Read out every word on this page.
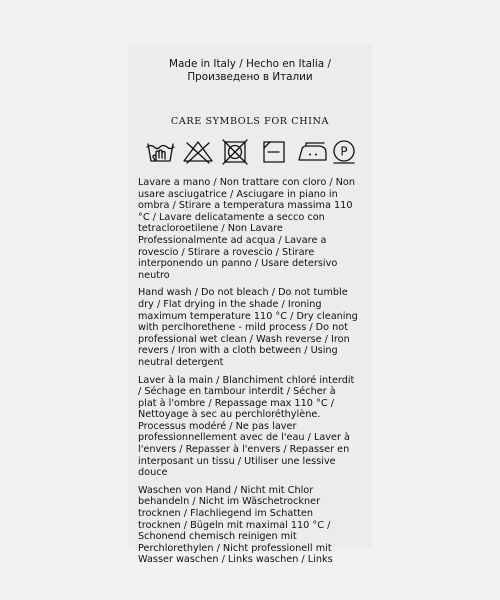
Made in Italy / Hecho en Italia /
Произведено в Италии
CARE SYMBOLS FOR CHINA
P

Lavare a mano / Non trattare con cloro / Non
usare asciugatrice / Asciugare in piano in
ombra / Stirare a temperatura massima 110
°C / Lavare delicatamente a secco con
tetracloroetilene / Non Lavare
Professionalmente ad acqua / Lavare a
rovescio / Stirare a rovescio / Stirare
interponendo un panno / Usare detersivo
neutro

Hand wash / Do not bleach / Do not tumble
dry / Flat drying in the shade / Ironing
maximum temperature 110 °C / Dry cleaning
with perclhorethene - mild process / Do not
professional wet clean / Wash reverse / Iron
revers / Iron with a cloth between / Using
neutral detergent

Laver à la main / Blanchiment chloré interdit
/ Séchage en tambour interdit / Sécher à
plat à l'ombre / Repassage max 110 °C /
Nettoyage à sec au perchloréthylène.
Processus modéré / Ne pas laver
professionnellement avec de l'eau / Laver à
l'envers / Repasser à l'envers / Repasser en
interposant un tissu / Utiliser une lessive
douce

Waschen von Hand / Nicht mit Chlor
behandeln / Nicht im Wäschetrockner
trocknen / Flachliegend im Schatten
trocknen / Bügeln mit maximal 110 °C /
Schonend chemisch reinigen mit
Perchlorethylen / Nicht professionell mit
Wasser waschen / Links waschen / Links
